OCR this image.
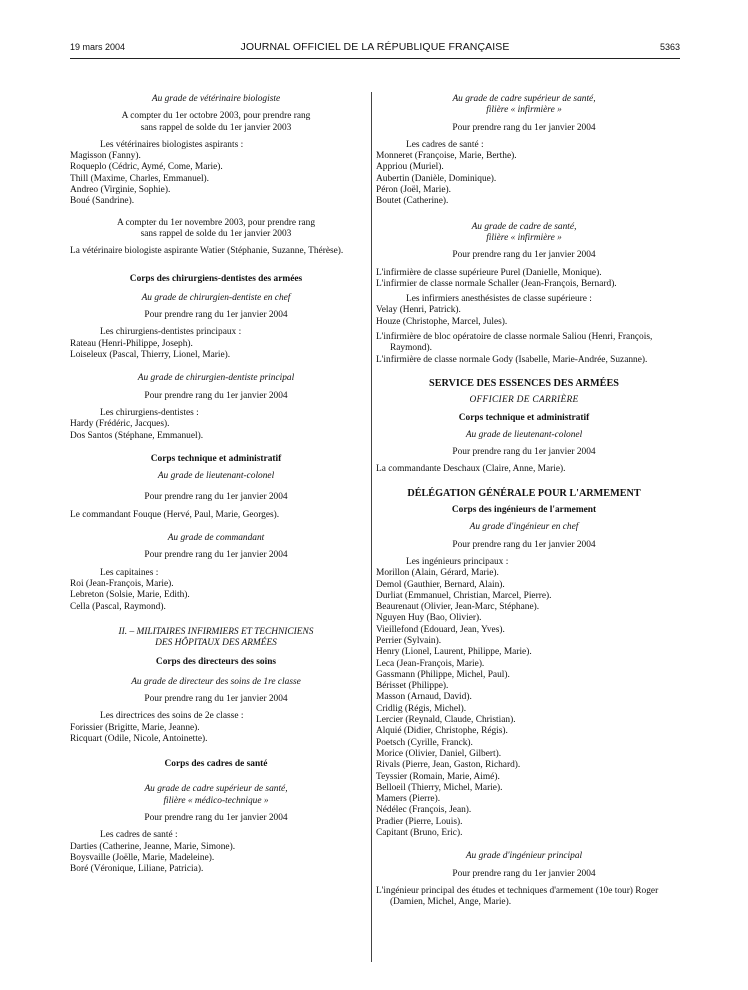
19 mars 2004	JOURNAL OFFICIEL DE LA RÉPUBLIQUE FRANÇAISE	5363
Au grade de vétérinaire biologiste
A compter du 1er octobre 2003, pour prendre rang
sans rappel de solde du 1er janvier 2003
Les vétérinaires biologistes aspirants :
Magisson (Fanny).
Roqueplo (Cédric, Aymé, Come, Marie).
Thill (Maxime, Charles, Emmanuel).
Andreo (Virginie, Sophie).
Boué (Sandrine).
A compter du 1er novembre 2003, pour prendre rang
sans rappel de solde du 1er janvier 2003
La vétérinaire biologiste aspirante Watier (Stéphanie, Suzanne, Thérèse).
Corps des chirurgiens-dentistes des armées
Au grade de chirurgien-dentiste en chef
Pour prendre rang du 1er janvier 2004
Les chirurgiens-dentistes principaux :
Rateau (Henri-Philippe, Joseph).
Loiseleux (Pascal, Thierry, Lionel, Marie).
Au grade de chirurgien-dentiste principal
Pour prendre rang du 1er janvier 2004
Les chirurgiens-dentistes :
Hardy (Frédéric, Jacques).
Dos Santos (Stéphane, Emmanuel).
Corps technique et administratif
Au grade de lieutenant-colonel
Pour prendre rang du 1er janvier 2004
Le commandant Fouque (Hervé, Paul, Marie, Georges).
Au grade de commandant
Pour prendre rang du 1er janvier 2004
Les capitaines :
Roi (Jean-François, Marie).
Lebreton (Solsie, Marie, Edith).
Cella (Pascal, Raymond).
II. – MILITAIRES INFIRMIERS ET TECHNICIENS
DES HÔPITAUX DES ARMÉES
Corps des directeurs des soins
Au grade de directeur des soins de 1re classe
Pour prendre rang du 1er janvier 2004
Les directrices des soins de 2e classe :
Forissier (Brigitte, Marie, Jeanne).
Ricquart (Odile, Nicole, Antoinette).
Corps des cadres de santé
Au grade de cadre supérieur de santé,
filière « médico-technique »
Pour prendre rang du 1er janvier 2004
Les cadres de santé :
Darties (Catherine, Jeanne, Marie, Simone).
Boysvaille (Joëlle, Marie, Madeleine).
Boré (Véronique, Liliane, Patricia).
Au grade de cadre supérieur de santé,
filière « infirmière »
Pour prendre rang du 1er janvier 2004
Les cadres de santé :
Monneret (Françoise, Marie, Berthe).
Appriou (Muriel).
Aubertin (Danièle, Dominique).
Péron (Joël, Marie).
Boutet (Catherine).
Au grade de cadre de santé,
filière « infirmière »
Pour prendre rang du 1er janvier 2004
L'infirmière de classe supérieure Purel (Danielle, Monique).
L'infirmier de classe normale Schaller (Jean-François, Bernard).
Les infirmiers anesthésistes de classe supérieure :
Velay (Henri, Patrick).
Houze (Christophe, Marcel, Jules).
L'infirmière de bloc opératoire de classe normale Saliou (Henri, François, Raymond).
L'infirmière de classe normale Gody (Isabelle, Marie-Andrée, Suzanne).
SERVICE DES ESSENCES DES ARMÉES
OFFICIER DE CARRIÈRE
Corps technique et administratif
Au grade de lieutenant-colonel
Pour prendre rang du 1er janvier 2004
La commandante Deschaux (Claire, Anne, Marie).
DÉLÉGATION GÉNÉRALE POUR L'ARMEMENT
Corps des ingénieurs de l'armement
Au grade d'ingénieur en chef
Pour prendre rang du 1er janvier 2004
Les ingénieurs principaux :
Morillon (Alain, Gérard, Marie).
Demol (Gauthier, Bernard, Alain).
Durliat (Emmanuel, Christian, Marcel, Pierre).
Beaurenaut (Olivier, Jean-Marc, Stéphane).
Nguyen Huy (Bao, Olivier).
Vieillefond (Edouard, Jean, Yves).
Perrier (Sylvain).
Henry (Lionel, Laurent, Philippe, Marie).
Leca (Jean-François, Marie).
Gassmann (Philippe, Michel, Paul).
Bérisset (Philippe).
Masson (Arnaud, David).
Cridlig (Régis, Michel).
Lercier (Reynald, Claude, Christian).
Alquié (Didier, Christophe, Régis).
Poetsch (Cyrille, Franck).
Morice (Olivier, Daniel, Gilbert).
Rivals (Pierre, Jean, Gaston, Richard).
Teyssier (Romain, Marie, Aimé).
Belloeil (Thierry, Michel, Marie).
Mamers (Pierre).
Nédélec (François, Jean).
Pradier (Pierre, Louis).
Capitant (Bruno, Eric).
Au grade d'ingénieur principal
Pour prendre rang du 1er janvier 2004
L'ingénieur principal des études et techniques d'armement (10e tour) Roger (Damien, Michel, Ange, Marie).
